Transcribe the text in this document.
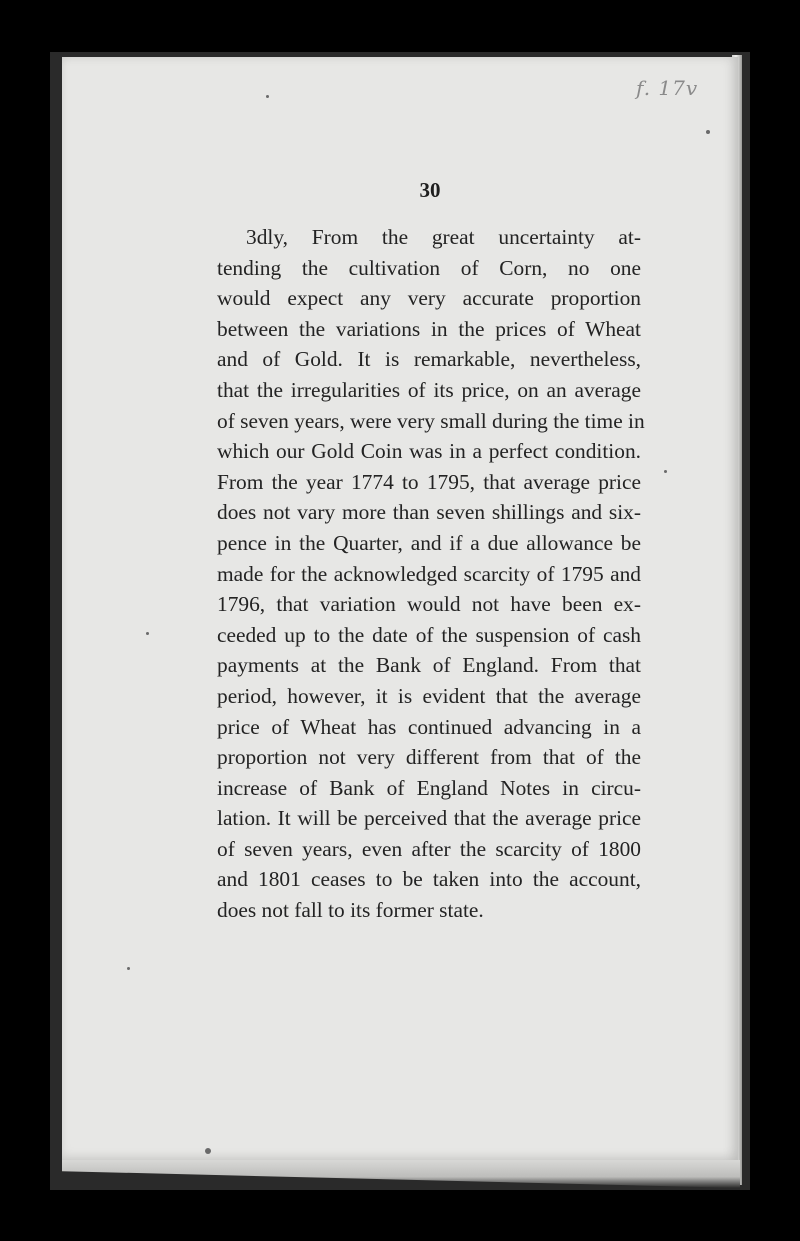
f. 17v
30
3dly, From the great uncertainty at-
tending the cultivation of Corn, no one
would expect any very accurate proportion
between the variations in the prices of Wheat
and of Gold. It is remarkable, nevertheless,
that the irregularities of its price, on an average
of seven years, were very small during the time in
which our Gold Coin was in a perfect condition.
From the year 1774 to 1795, that average price
does not vary more than seven shillings and six-
pence in the Quarter, and if a due allowance be
made for the acknowledged scarcity of 1795 and
1796, that variation would not have been ex-
ceeded up to the date of the suspension of cash
payments at the Bank of England. From that
period, however, it is evident that the average
price of Wheat has continued advancing in a
proportion not very different from that of the
increase of Bank of England Notes in circu-
lation. It will be perceived that the average price
of seven years, even after the scarcity of 1800
and 1801 ceases to be taken into the account,
does not fall to its former state.
